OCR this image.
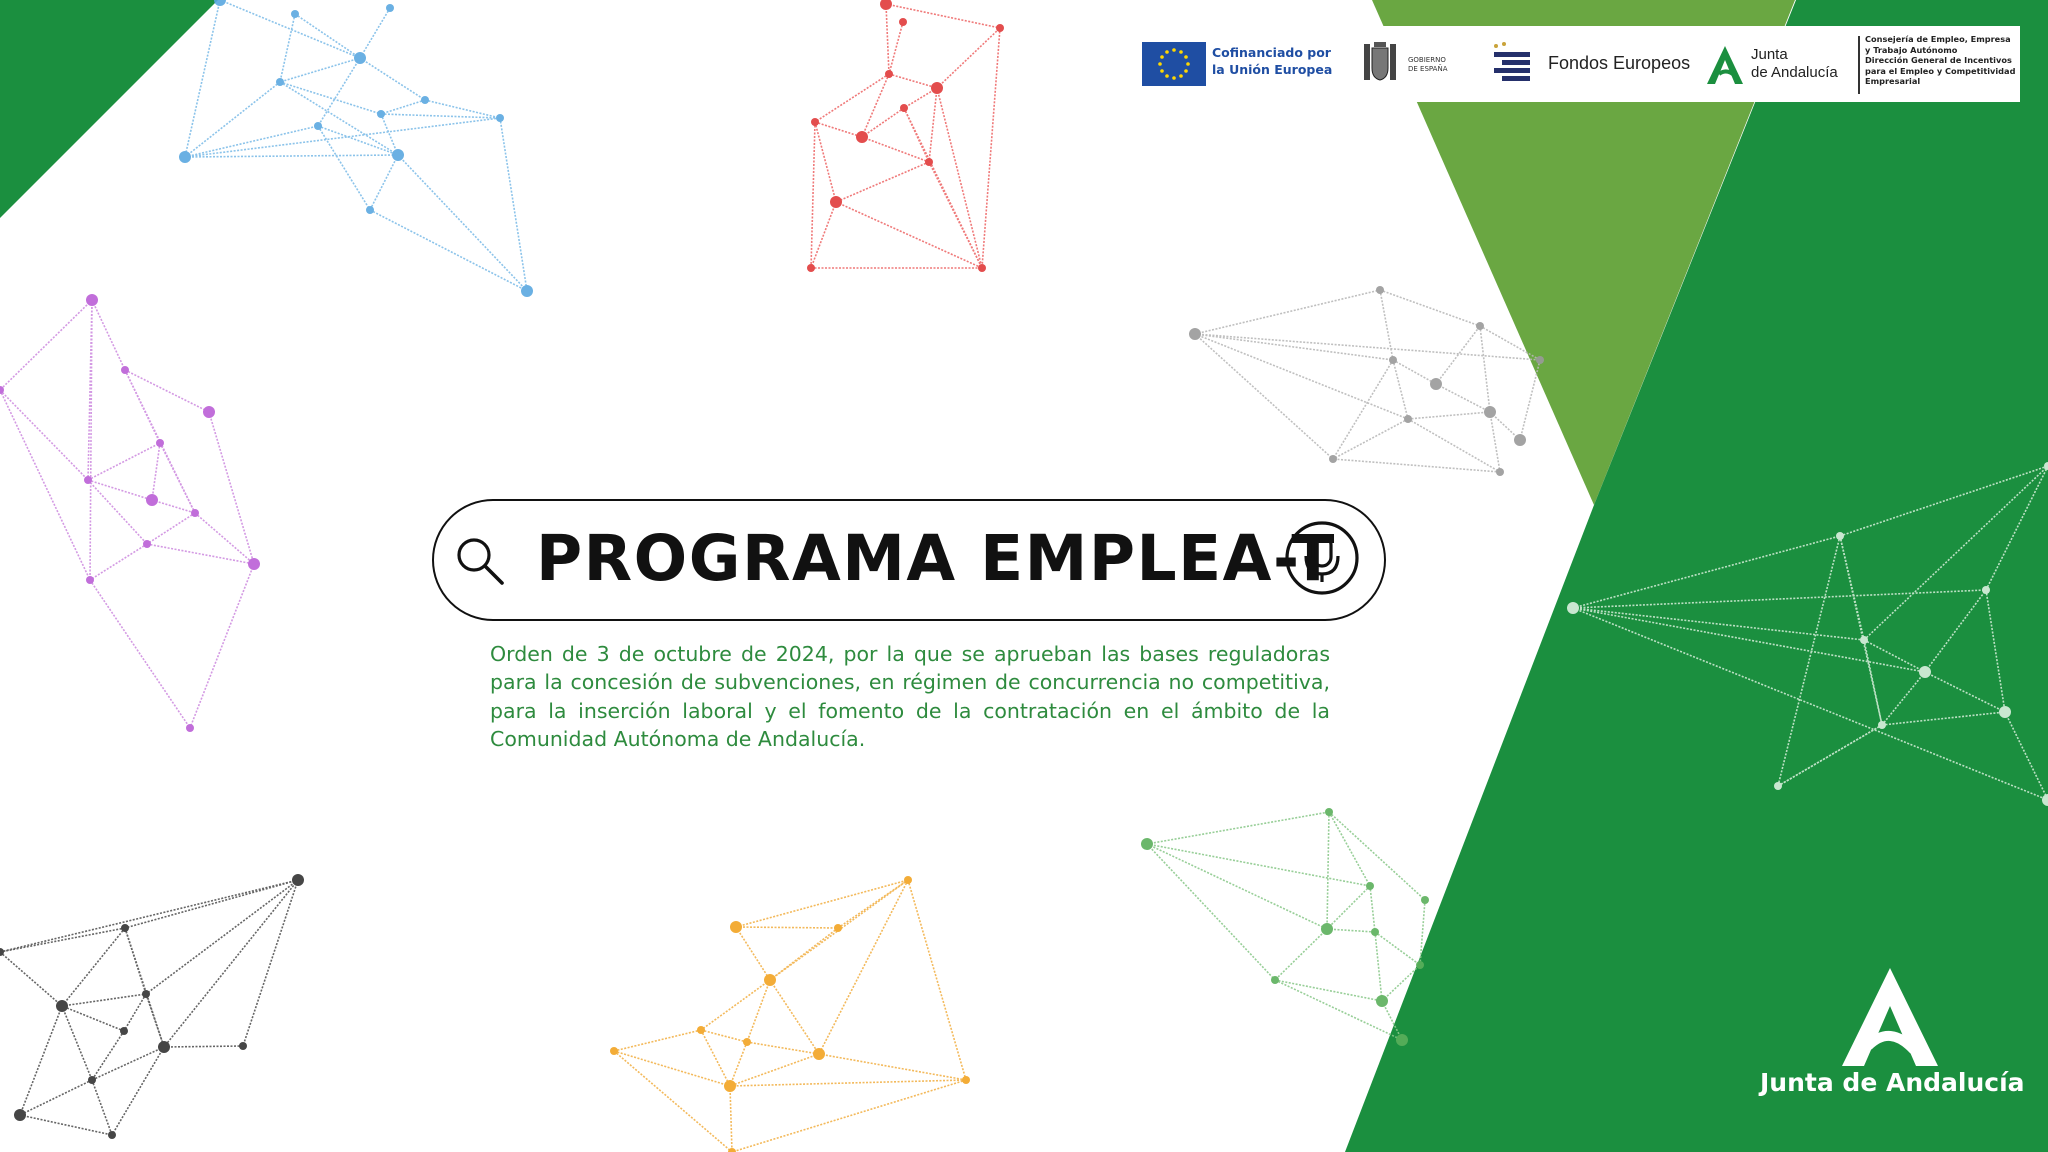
Cofinanciado por
la Unión Europea
GOBIERNO
DE ESPAÑA	Fondos Europeos	Junta
de Andalucía
Consejería de Empleo, Empresa
y Trabajo Autónomo
Dirección General de Incentivos
para el Empleo y Competitividad
Empresarial
PROGRAMA EMPLEA-T
Orden de 3 de octubre de 2024, por la que se aprueban las bases reguladoras para la concesión de subvenciones, en régimen de concurrencia no competitiva, para la inserción laboral y el fomento de la contratación en el ámbito de la Comunidad Autónoma de Andalucía.
Junta de Andalucía
